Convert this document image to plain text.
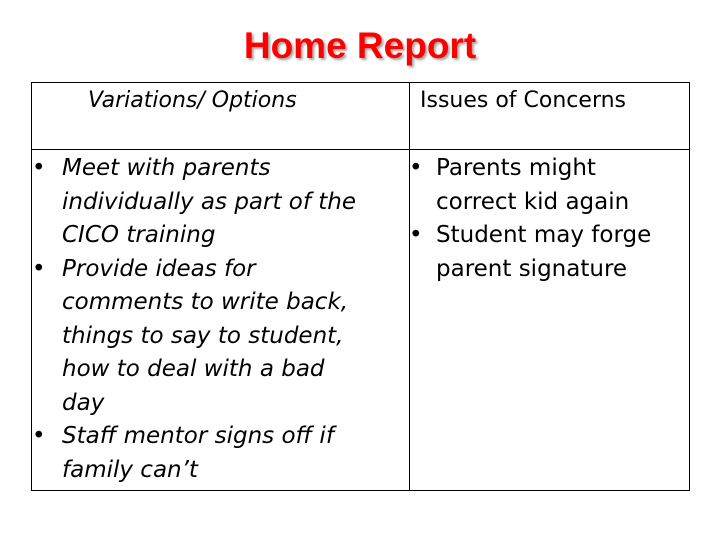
Home Report
Variations/ Options	Issues of Concerns
• Meet with parents
individually as part of the
CICO training
• Provide ideas for
comments to write back,
things to say to student,
how to deal with a bad
day
• Staff mentor signs off if
family can’t
• Parents might
correct kid again
• Student may forge
parent signature
